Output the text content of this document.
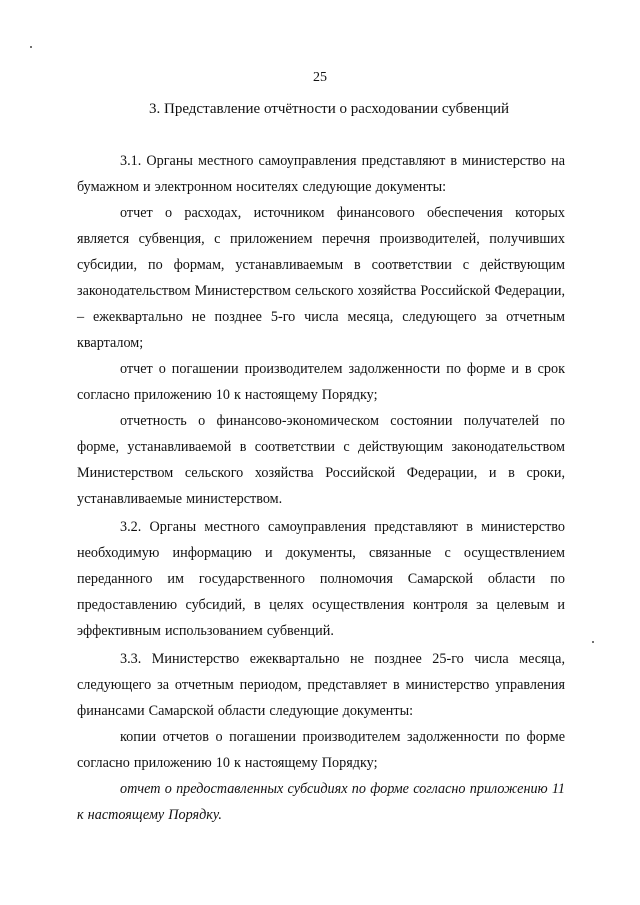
25
3. Представление отчётности о расходовании субвенций

3.1. Органы местного самоуправления представляют в министерство на бумажном и электронном носителях следующие документы:

отчет о расходах, источником финансового обеспечения которых является субвенция, с приложением перечня производителей, получивших субсидии, по формам, устанавливаемым в соответствии с действующим законодательством Министерством сельского хозяйства Российской Федерации, – ежеквартально не позднее 5-го числа месяца, следующего за отчетным кварталом;

отчет о погашении производителем задолженности по форме и в срок согласно приложению 10 к настоящему Порядку;

отчетность о финансово-экономическом состоянии получателей по форме, устанавливаемой в соответствии с действующим законодательством Министерством сельского хозяйства Российской Федерации, и в сроки, устанавливаемые министерством.

3.2. Органы местного самоуправления представляют в министерство необходимую информацию и документы, связанные с осуществлением переданного им государственного полномочия Самарской области по предоставлению субсидий, в целях осуществления контроля за целевым и эффективным использованием субвенций.

3.3. Министерство ежеквартально не позднее 25-го числа месяца, следующего за отчетным периодом, представляет в министерство управления финансами Самарской области следующие документы:

копии отчетов о погашении производителем задолженности по форме согласно приложению 10 к настоящему Порядку;

отчет о предоставленных субсидиях по форме согласно приложению 11 к настоящему Порядку.
